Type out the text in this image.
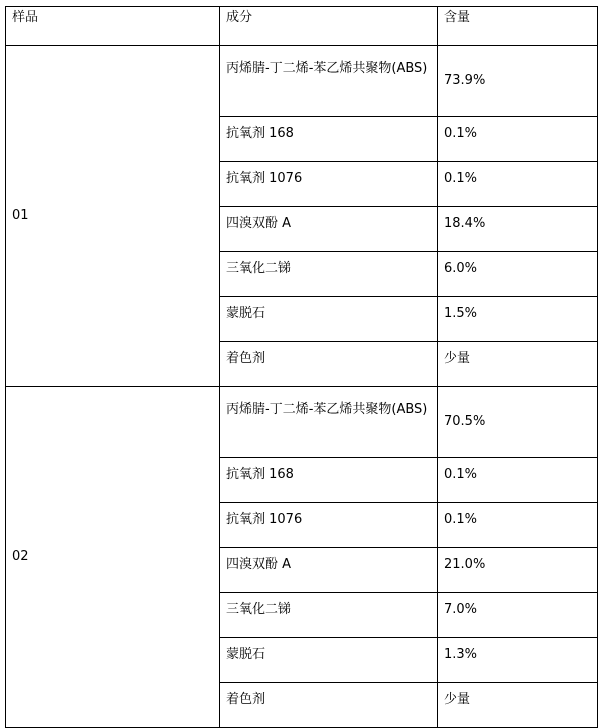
样品	成分	含量
01	丙烯腈-丁二烯-苯乙烯共聚物(ABS)	73.9%
	抗氧剂 168	0.1%
	抗氧剂 1076	0.1%
	四溴双酚 A	18.4%
	三氧化二锑	6.0%
	蒙脱石	1.5%
	着色剂	少量
02	丙烯腈-丁二烯-苯乙烯共聚物(ABS)	70.5%
	抗氧剂 168	0.1%
	抗氧剂 1076	0.1%
	四溴双酚 A	21.0%
	三氧化二锑	7.0%
	蒙脱石	1.3%
	着色剂	少量
